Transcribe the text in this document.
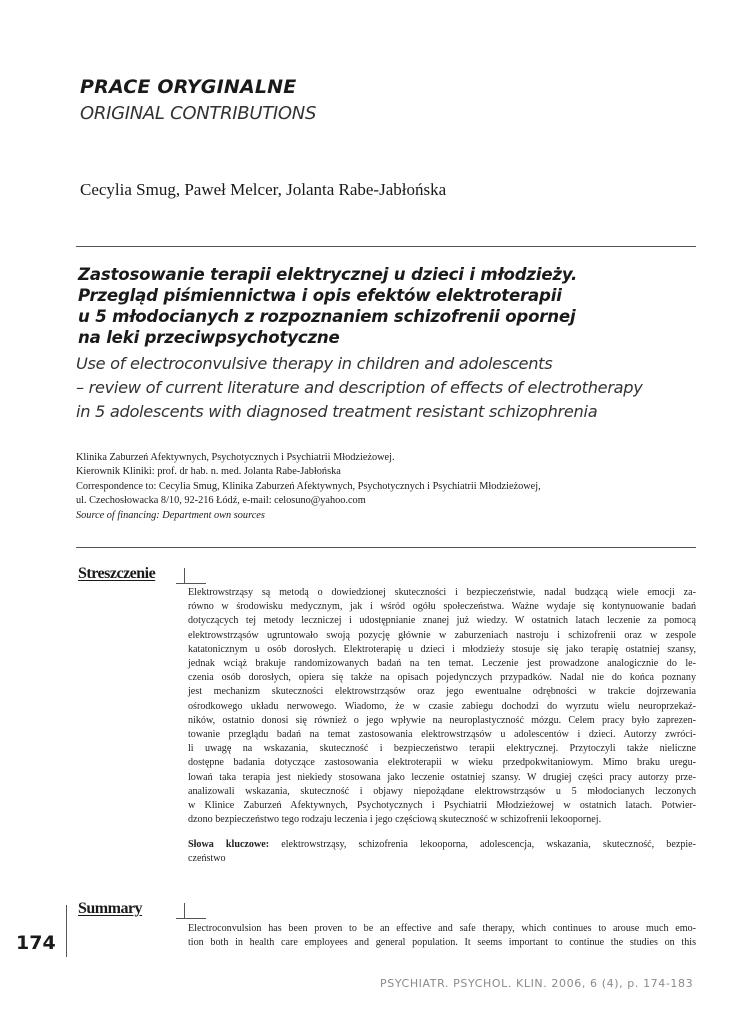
PRACE ORYGINALNE
ORIGINAL CONTRIBUTIONS
Cecylia Smug, Paweł Melcer, Jolanta Rabe-Jabłońska
Zastosowanie terapii elektrycznej u dzieci i młodzieży.
Przegląd piśmiennictwa i opis efektów elektroterapii
u 5 młodocianych z rozpoznaniem schizofrenii opornej
na leki przeciwpsychotyczne
Use of electroconvulsive therapy in children and adolescents
– review of current literature and description of effects of electrotherapy
in 5 adolescents with diagnosed treatment resistant schizophrenia
Klinika Zaburzeń Afektywnych, Psychotycznych i Psychiatrii Młodzieżowej.
Kierownik Kliniki: prof. dr hab. n. med. Jolanta Rabe-Jabłońska
Correspondence to: Cecylia Smug, Klinika Zaburzeń Afektywnych, Psychotycznych i Psychiatrii Młodzieżowej,
ul. Czechosłowacka 8/10, 92-216 Łódź, e-mail: celosuno@yahoo.com
Source of financing: Department own sources
Streszczenie
Elektrowstrząsy są metodą o dowiedzionej skuteczności i bezpieczeństwie, nadal budzącą wiele emocji za-
równo w środowisku medycznym, jak i wśród ogółu społeczeństwa. Ważne wydaje się kontynuowanie badań
dotyczących tej metody leczniczej i udostępnianie znanej już wiedzy. W ostatnich latach leczenie za pomocą
elektrowstrząsów ugruntowało swoją pozycję głównie w zaburzeniach nastroju i schizofrenii oraz w zespole
katatonicznym u osób dorosłych. Elektroterapię u dzieci i młodzieży stosuje się jako terapię ostatniej szansy,
jednak wciąż brakuje randomizowanych badań na ten temat. Leczenie jest prowadzone analogicznie do le-
czenia osób dorosłych, opiera się także na opisach pojedynczych przypadków. Nadal nie do końca poznany
jest mechanizm skuteczności elektrowstrząsów oraz jego ewentualne odrębności w trakcie dojrzewania
ośrodkowego układu nerwowego. Wiadomo, że w czasie zabiegu dochodzi do wyrzutu wielu neuroprzekaź-
ników, ostatnio donosi się również o jego wpływie na neuroplastyczność mózgu. Celem pracy było zaprezen-
towanie przeglądu badań na temat zastosowania elektrowstrząsów u adolescentów i dzieci. Autorzy zwróci-
li uwagę na wskazania, skuteczność i bezpieczeństwo terapii elektrycznej. Przytoczyli także nieliczne
dostępne badania dotyczące zastosowania elektroterapii w wieku przedpokwitaniowym. Mimo braku uregu-
lowań taka terapia jest niekiedy stosowana jako leczenie ostatniej szansy. W drugiej części pracy autorzy prze-
analizowali wskazania, skuteczność i objawy niepożądane elektrowstrząsów u 5 młodocianych leczonych
w Klinice Zaburzeń Afektywnych, Psychotycznych i Psychiatrii Młodzieżowej w ostatnich latach. Potwier-
dzono bezpieczeństwo tego rodzaju leczenia i jego częściową skuteczność w schizofrenii lekoopornej.
Słowa kluczowe: elektrowstrząsy, schizofrenia lekooporna, adolescencja, wskazania, skuteczność, bezpie-
czeństwo
Summary
Electroconvulsion has been proven to be an effective and safe therapy, which continues to arouse much emo-
tion both in health care employees and general population. It seems important to continue the studies on this
174
PSYCHIATR. PSYCHOL. KLIN. 2006, 6 (4), p. 174-183
